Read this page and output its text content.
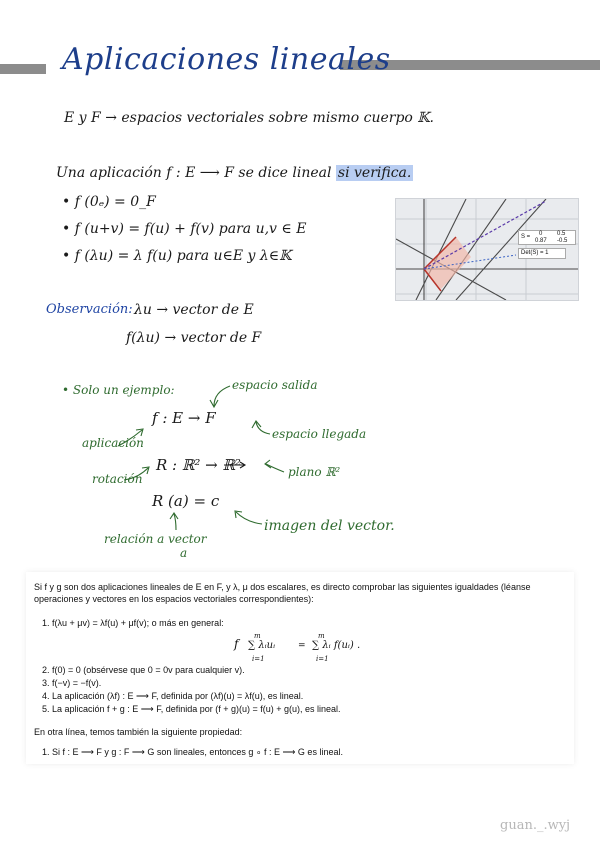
Aplicaciones lineales
E y F → espacios vectoriales sobre mismo cuerpo 𝕂.
Una aplicación f : E ⟶ F se dice lineal si verifica.
• f (0ₑ) = 0_F
• f (u+v) = f(u) + f(v) para u,v ∈ E
• f (λu) = λ f(u) para u∈E y λ∈𝕂
S = 0 0.5
0.87 -0.5
Det(S) = 1
Observación: λu → vector de E
f(λu) → vector de F
• Solo un ejemplo:	espacio salida
f : E → F
aplicación
espacio llegada
R : ℝ² → ℝ²
rotación	plano ℝ²
R (a) = c
imagen del vector.
relación a vector
a
Si f y g son dos aplicaciones lineales de E en F, y λ, μ dos escalares, es directo comprobar las siguientes igualdades (léanse operaciones y vectores en los espacios vectoriales correspondientes):
1. f(λu + μv) = λf(u) + μf(v); o más en general:
f
m
∑ λᵢuᵢ
i=1
=
m
∑ λᵢ f(uᵢ) .
i=1
2. f(0) = 0 (obsérvese que 0 = 0v para cualquier v).
3. f(−v) = −f(v).
4. La aplicación (λf) : E ⟶ F, definida por (λf)(u) = λf(u), es lineal.
5. La aplicación f + g : E ⟶ F, definida por (f + g)(u) = f(u) + g(u), es lineal.
En otra línea, temos también la siguiente propiedad:
1. Si f : E ⟶ F y g : F ⟶ G son lineales, entonces g ∘ f : E ⟶ G es lineal.
guan._.wyj
